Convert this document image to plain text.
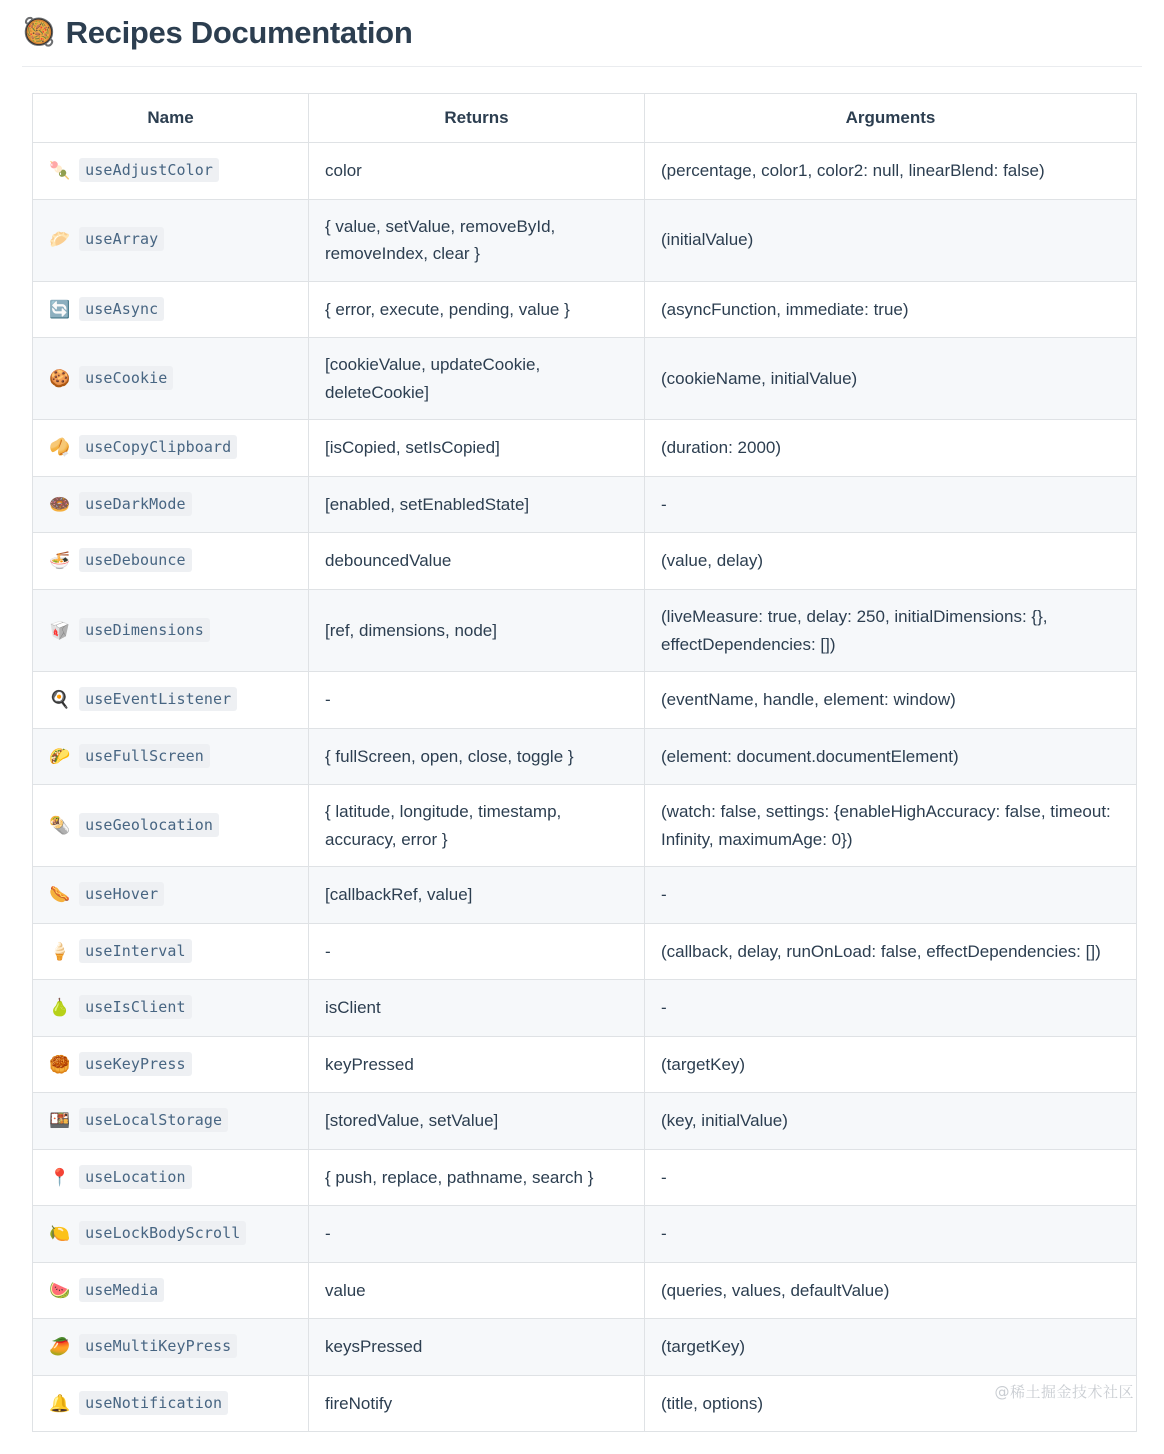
🥘 Recipes Documentation
Name	Returns	Arguments
🍡 useAdjustColor	color	(percentage, color1, color2: null, linearBlend: false)
🥟 useArray	{ value, setValue, removeById, removeIndex, clear }	(initialValue)
🔄 useAsync	{ error, execute, pending, value }	(asyncFunction, immediate: true)
🍪 useCookie	[cookieValue, updateCookie, deleteCookie]	(cookieName, initialValue)
🥠 useCopyClipboard	[isCopied, setIsCopied]	(duration: 2000)
🍩 useDarkMode	[enabled, setEnabledState]	-
🍜 useDebounce	debouncedValue	(value, delay)
🥡 useDimensions	[ref, dimensions, node]	(liveMeasure: true, delay: 250, initialDimensions: {}, effectDependencies: [])
🍳 useEventListener	-	(eventName, handle, element: window)
🌮 useFullScreen	{ fullScreen, open, close, toggle }	(element: document.documentElement)
🌯 useGeolocation	{ latitude, longitude, timestamp, accuracy, error }	(watch: false, settings: {enableHighAccuracy: false, timeout: Infinity, maximumAge: 0})
🌭 useHover	[callbackRef, value]	-
🍦 useInterval	-	(callback, delay, runOnLoad: false, effectDependencies: [])
🍐 useIsClient	isClient	-
🥮 useKeyPress	keyPressed	(targetKey)
🍱 useLocalStorage	[storedValue, setValue]	(key, initialValue)
📍 useLocation	{ push, replace, pathname, search }	-
🍋 useLockBodyScroll	-	-
🍉 useMedia	value	(queries, values, defaultValue)
🥭 useMultiKeyPress	keysPressed	(targetKey)
🔔 useNotification	fireNotify	(title, options)
@稀土掘金技术社区
